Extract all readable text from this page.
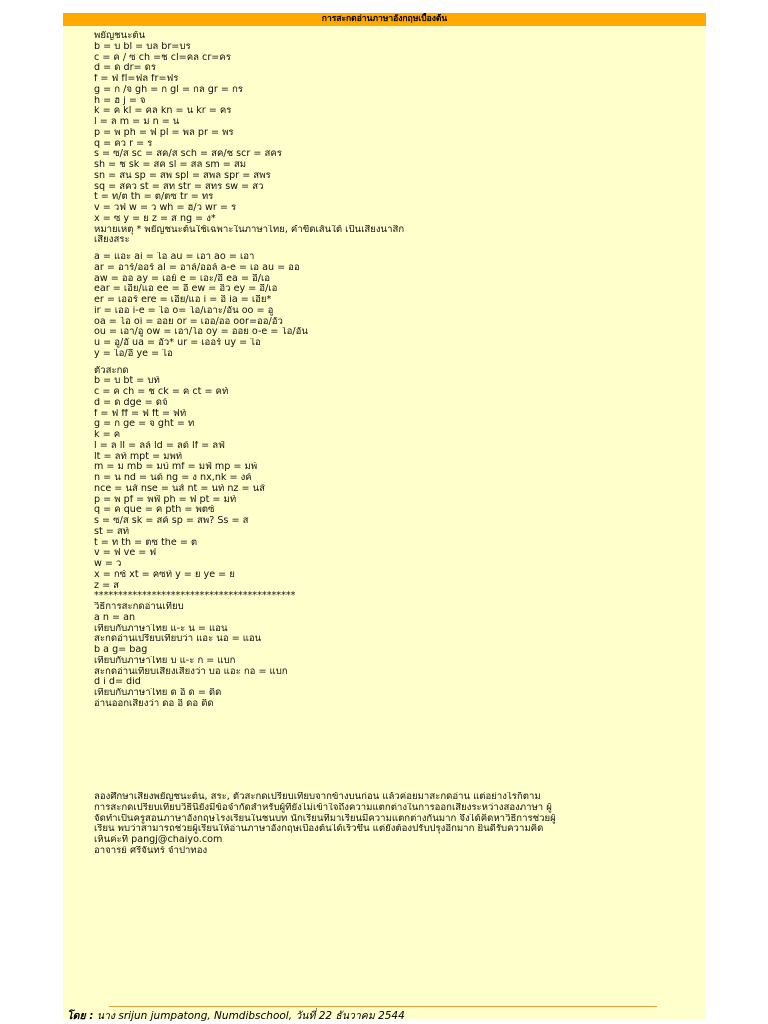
การสะกดอ่านภาษาอังกฤษเบื้องต้น
พยัญชนะต้น
b = บ bl = บล br=บร
c = ค / ซ ch =ช cl=คล cr=คร
d = ด dr= ดร
f = ฟ fl=ฟล fr=ฟร
g = ก /จ gh = ก gl = กล gr = กร
h = ฮ j = จ
k = ค kl = คล kn = น kr = คร
l = ล m = ม n = น
p = พ ph = ฟ pl = พล pr = พร
q = คว r = ร
s = ซ/ส sc = สค/ส sch = สค/ช scr = สคร
sh = ช sk = สค sl = สล sm = สม
sn = สน sp = สพ spl = สพล spr = สพร
sq = สคว st = สท str = สทร sw = สว
t = ท/ต th = ต/ตซ tr = ทร
v = วฟ w = ว wh = ฮ/ว wr = ร
x = ซ y = ย z = ส ng = ง*
หมายเหตุ * พยัญชนะต้นใช้เฉพาะในภาษาไทย, คำขีดเส้นใต้ เป็นเสียงนาสิก
เสียงสระ
a = แอะ ai = ไอ au = เอา ao = เอา
ar = อาร์/ออร์ al = อาล์/ออล์ a-e = เอ au = ออ
aw = ออ ay = เอย์ e = เอะ/อี ea = อี/เอ
ear = เอีย/แอ ee = อี ew = อิว ey = อี/เอ
er = เออร์ ere = เอีย/แอ i = อิ ia = เอีย*
ir = เออ i-e = ไอ o= โอ/เอาะ/อัน oo = อู
oa = โอ oi = ออย or = เออ/ออ oor=ออ/อัว
ou = เอา/อู ow = เอา/โอ oy = ออย o-e = โอ/อัน
u = อู/อั ua = อัว* ur = เออร์ uy = ไอ
y = ไอ/อี ye = ไอ
ตัวสะกด
b = บ bt = บท์
c = ค ch = ช ck = ค ct = คท์
d = ด dge = ดจ์
f = ฟ ff = ฟ ft = ฟท์
g = ก ge = จ ght = ท
k = ค
l = ล ll = ลล์ ld = ลด์ lf = ลฟ์
lt = ลท์ mpt = มพท์
m = ม mb = มบ์ mf = มฟ์ mp = มพ์
n = น nd = นด์ ng = ง nx,nk = งค์
nce = นส์ nse = นส์ nt = นท์ nz = นส์
p = พ pf = พฟ์ ph = ฟ pt = มท์
q = ค que = ค pth = พตซ์
s = ซ/ส sk = สค์ sp = สพ? Ss = ส
st = สท์
t = ท th = ตซ the = ต
v = ฟ ve = ฟ
w = ว
x = กซ์ xt = คซท์ y = ย ye = ย
z = ส
******************************************
วิธีการสะกดอ่านเทียบ
a n = an
เทียบกับภาษาไทย แ-ะ น = แอน
สะกดอ่านเปรียบเทียบว่า แอะ นอ = แอน
b a g= bag
เทียบกับภาษาไทย บ แ-ะ ก = แบก
สะกดอ่านเทียบเสียงเสียงว่า บอ แอะ กอ = แบก
d i d= did
เทียบกับภาษาไทย ด อิ ด = ดิด
อ่านออกเสียงว่า ดอ อิ ดอ ดิด
ลองศึกษาเสียงพยัญชนะต้น, สระ, ตัวสะกดเปรียบเทียบจากข้างบนก่อน แล้วค่อยมาสะกดอ่าน แต่อย่างไรก็ตาม
การสะกดเปรียบเทียบวิธีนี้ยังมีข้อจำกัดสำหรับผู้ที่ยังไม่เข้าใจถึงความแตกต่างในการออกเสียงระหว่างสองภาษา ผู้
จัดทำเป็นครูสอนภาษาอังกฤษโรงเรียนในชนบท นักเรียนที่มาเรียนมีความแตกต่างกันมาก จึงได้คิดหาวิธีการช่วยผู้
เรียน พบว่าสามารถช่วยผู้เรียนให้อ่านภาษาอังกฤษเบื้องต้นได้เร็วขึ้น แต่ยังต้องปรับปรุงอีกมาก ยินดีรับความคิด
เห็นค่ะที่ pangj@chaiyo.com
อาจารย์ ศรีจันทร์ จำปาทอง
โดย : นาง srijun jumpatong, Numdibschool, วันที่ 22 ธันวาคม 2544
